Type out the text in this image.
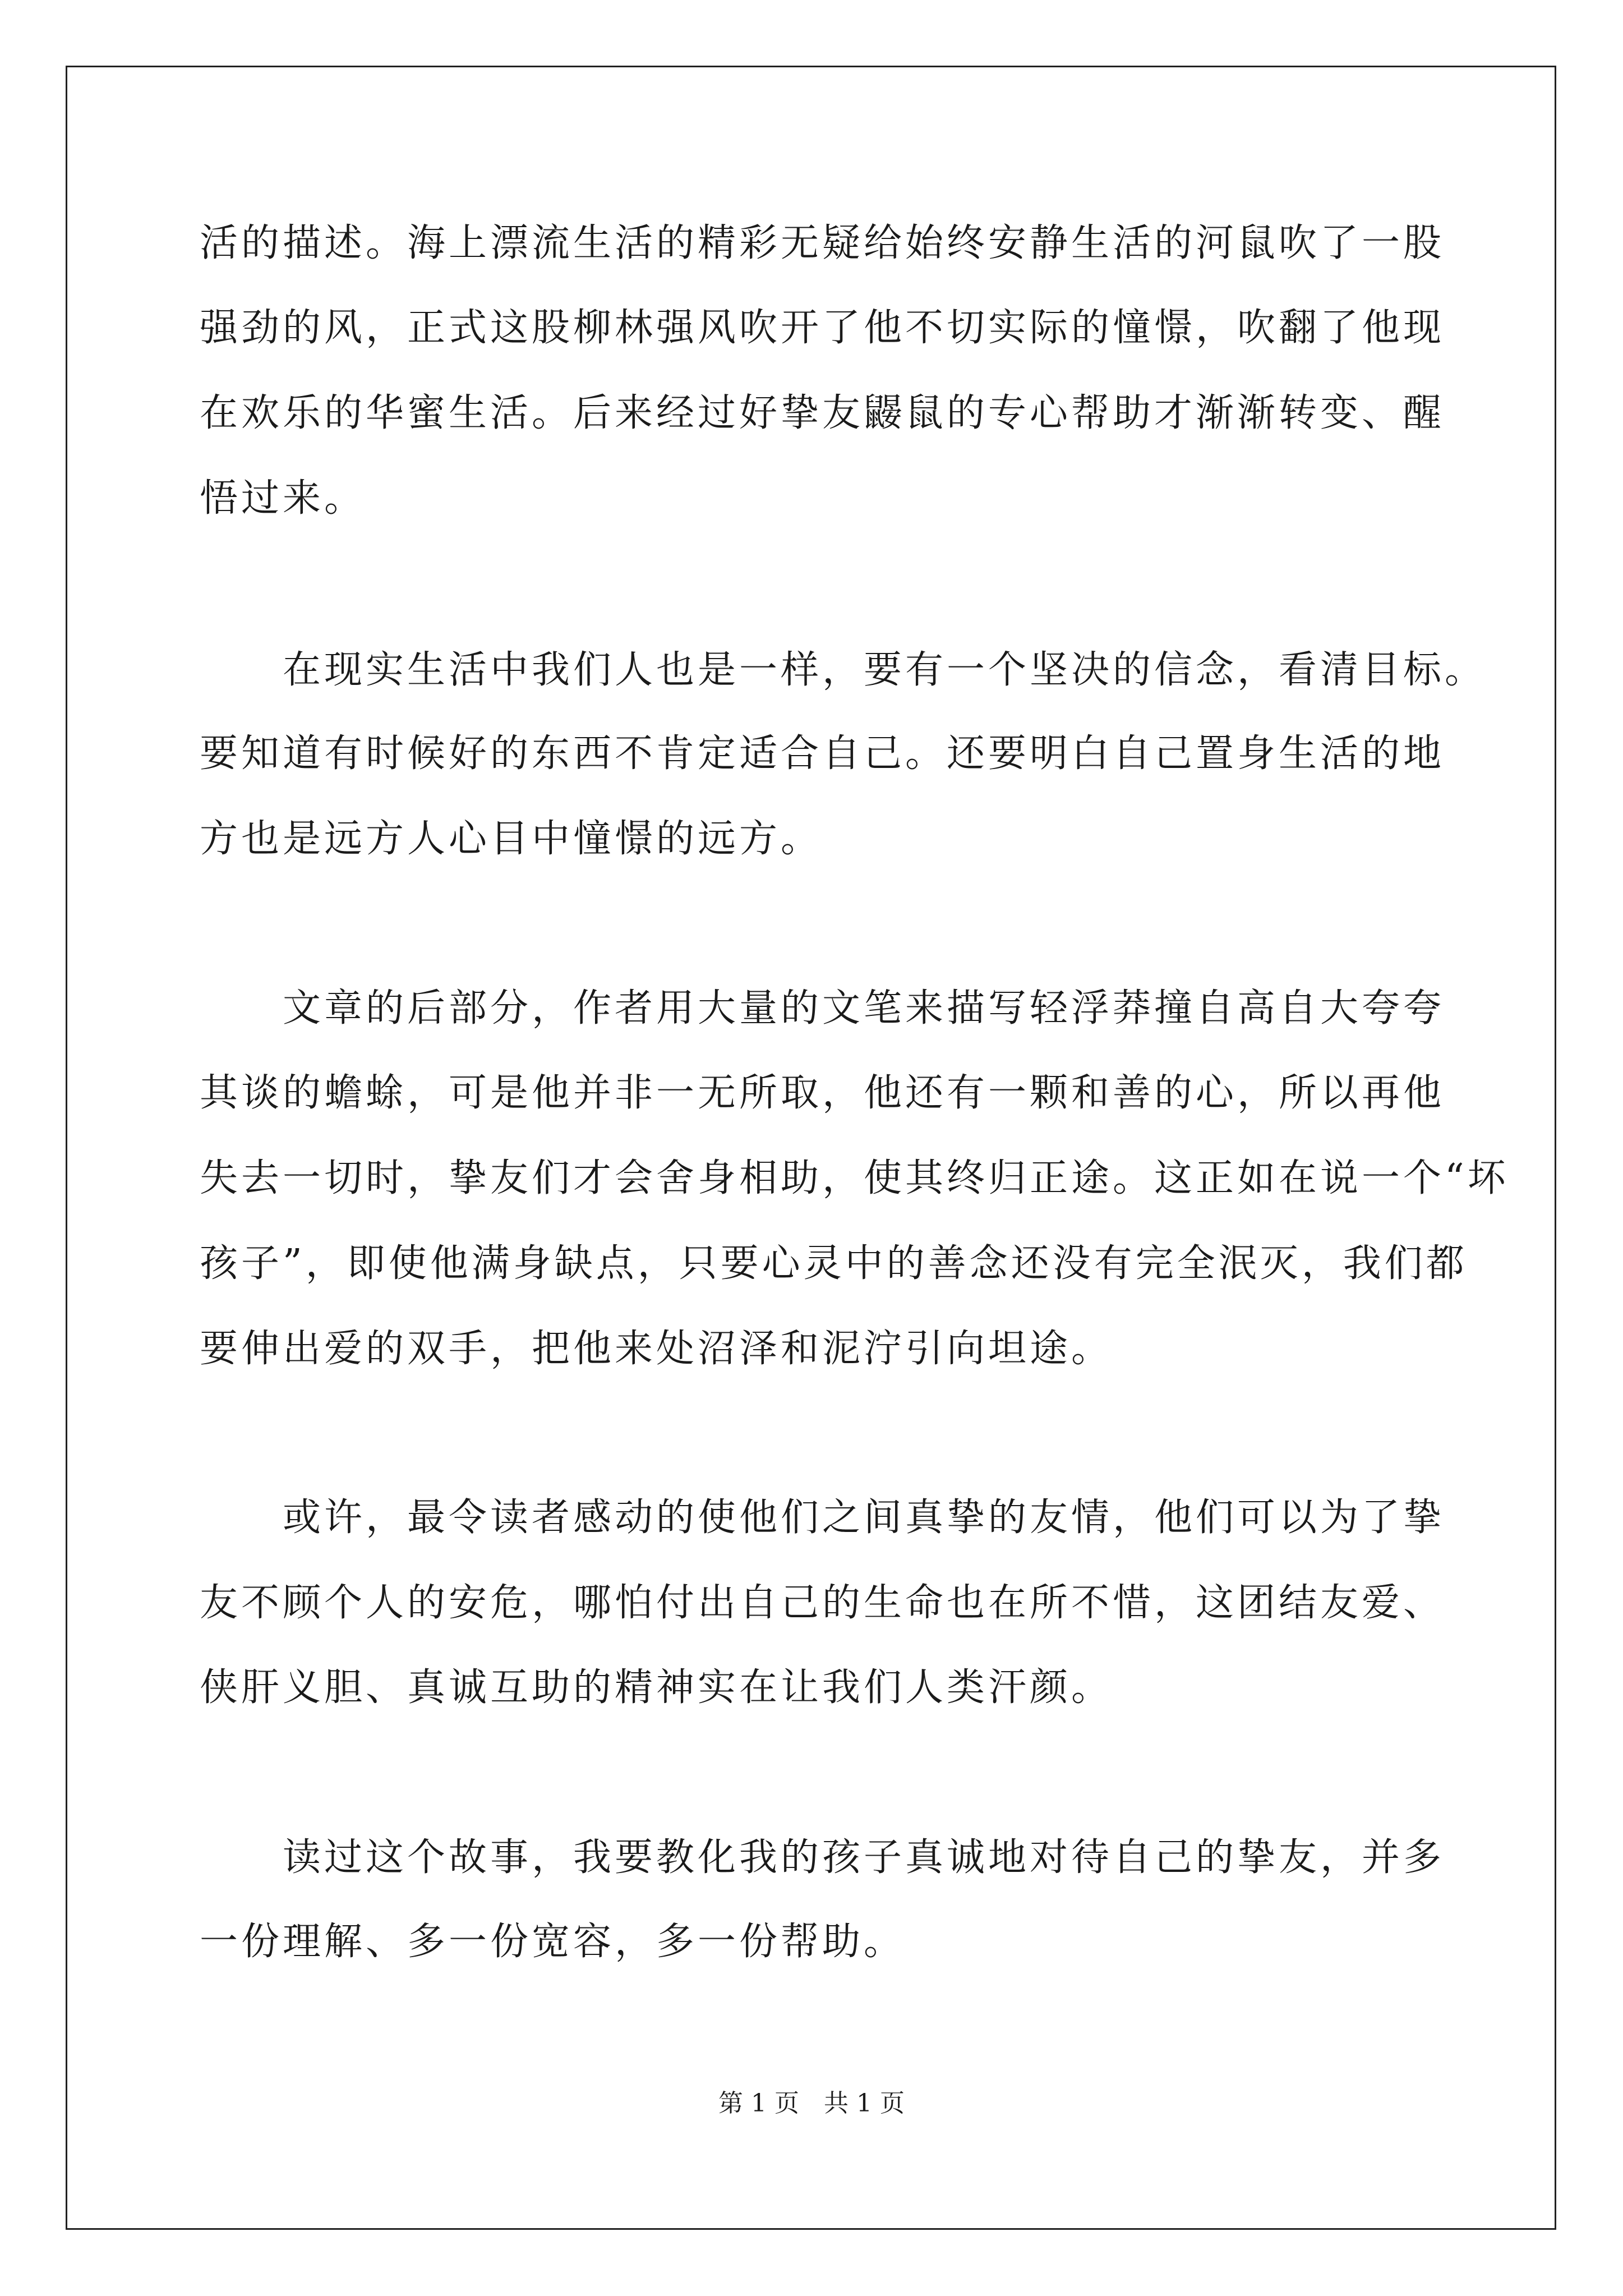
活的描述。海上漂流生活的精彩无疑给始终安静生活的河鼠吹了一股
强劲的风，正式这股柳林强风吹开了他不切实际的憧憬，吹翻了他现
在欢乐的华蜜生活。后来经过好挚友鼹鼠的专心帮助才渐渐转变、醒
悟过来。
在现实生活中我们人也是一样，要有一个坚决的信念，看清目标。
要知道有时候好的东西不肯定适合自己。还要明白自己置身生活的地
方也是远方人心目中憧憬的远方。
文章的后部分，作者用大量的文笔来描写轻浮莽撞自高自大夸夸
其谈的蟾蜍，可是他并非一无所取，他还有一颗和善的心，所以再他
失去一切时，挚友们才会舍身相助，使其终归正途。这正如在说一个“坏
孩子”，即使他满身缺点，只要心灵中的善念还没有完全泯灭，我们都
要伸出爱的双手，把他来处沼泽和泥泞引向坦途。
或许，最令读者感动的使他们之间真挚的友情，他们可以为了挚
友不顾个人的安危，哪怕付出自己的生命也在所不惜，这团结友爱、
侠肝义胆、真诚互助的精神实在让我们人类汗颜。
读过这个故事，我要教化我的孩子真诚地对待自己的挚友，并多
一份理解、多一份宽容，多一份帮助。
第 1 页　共 1 页
